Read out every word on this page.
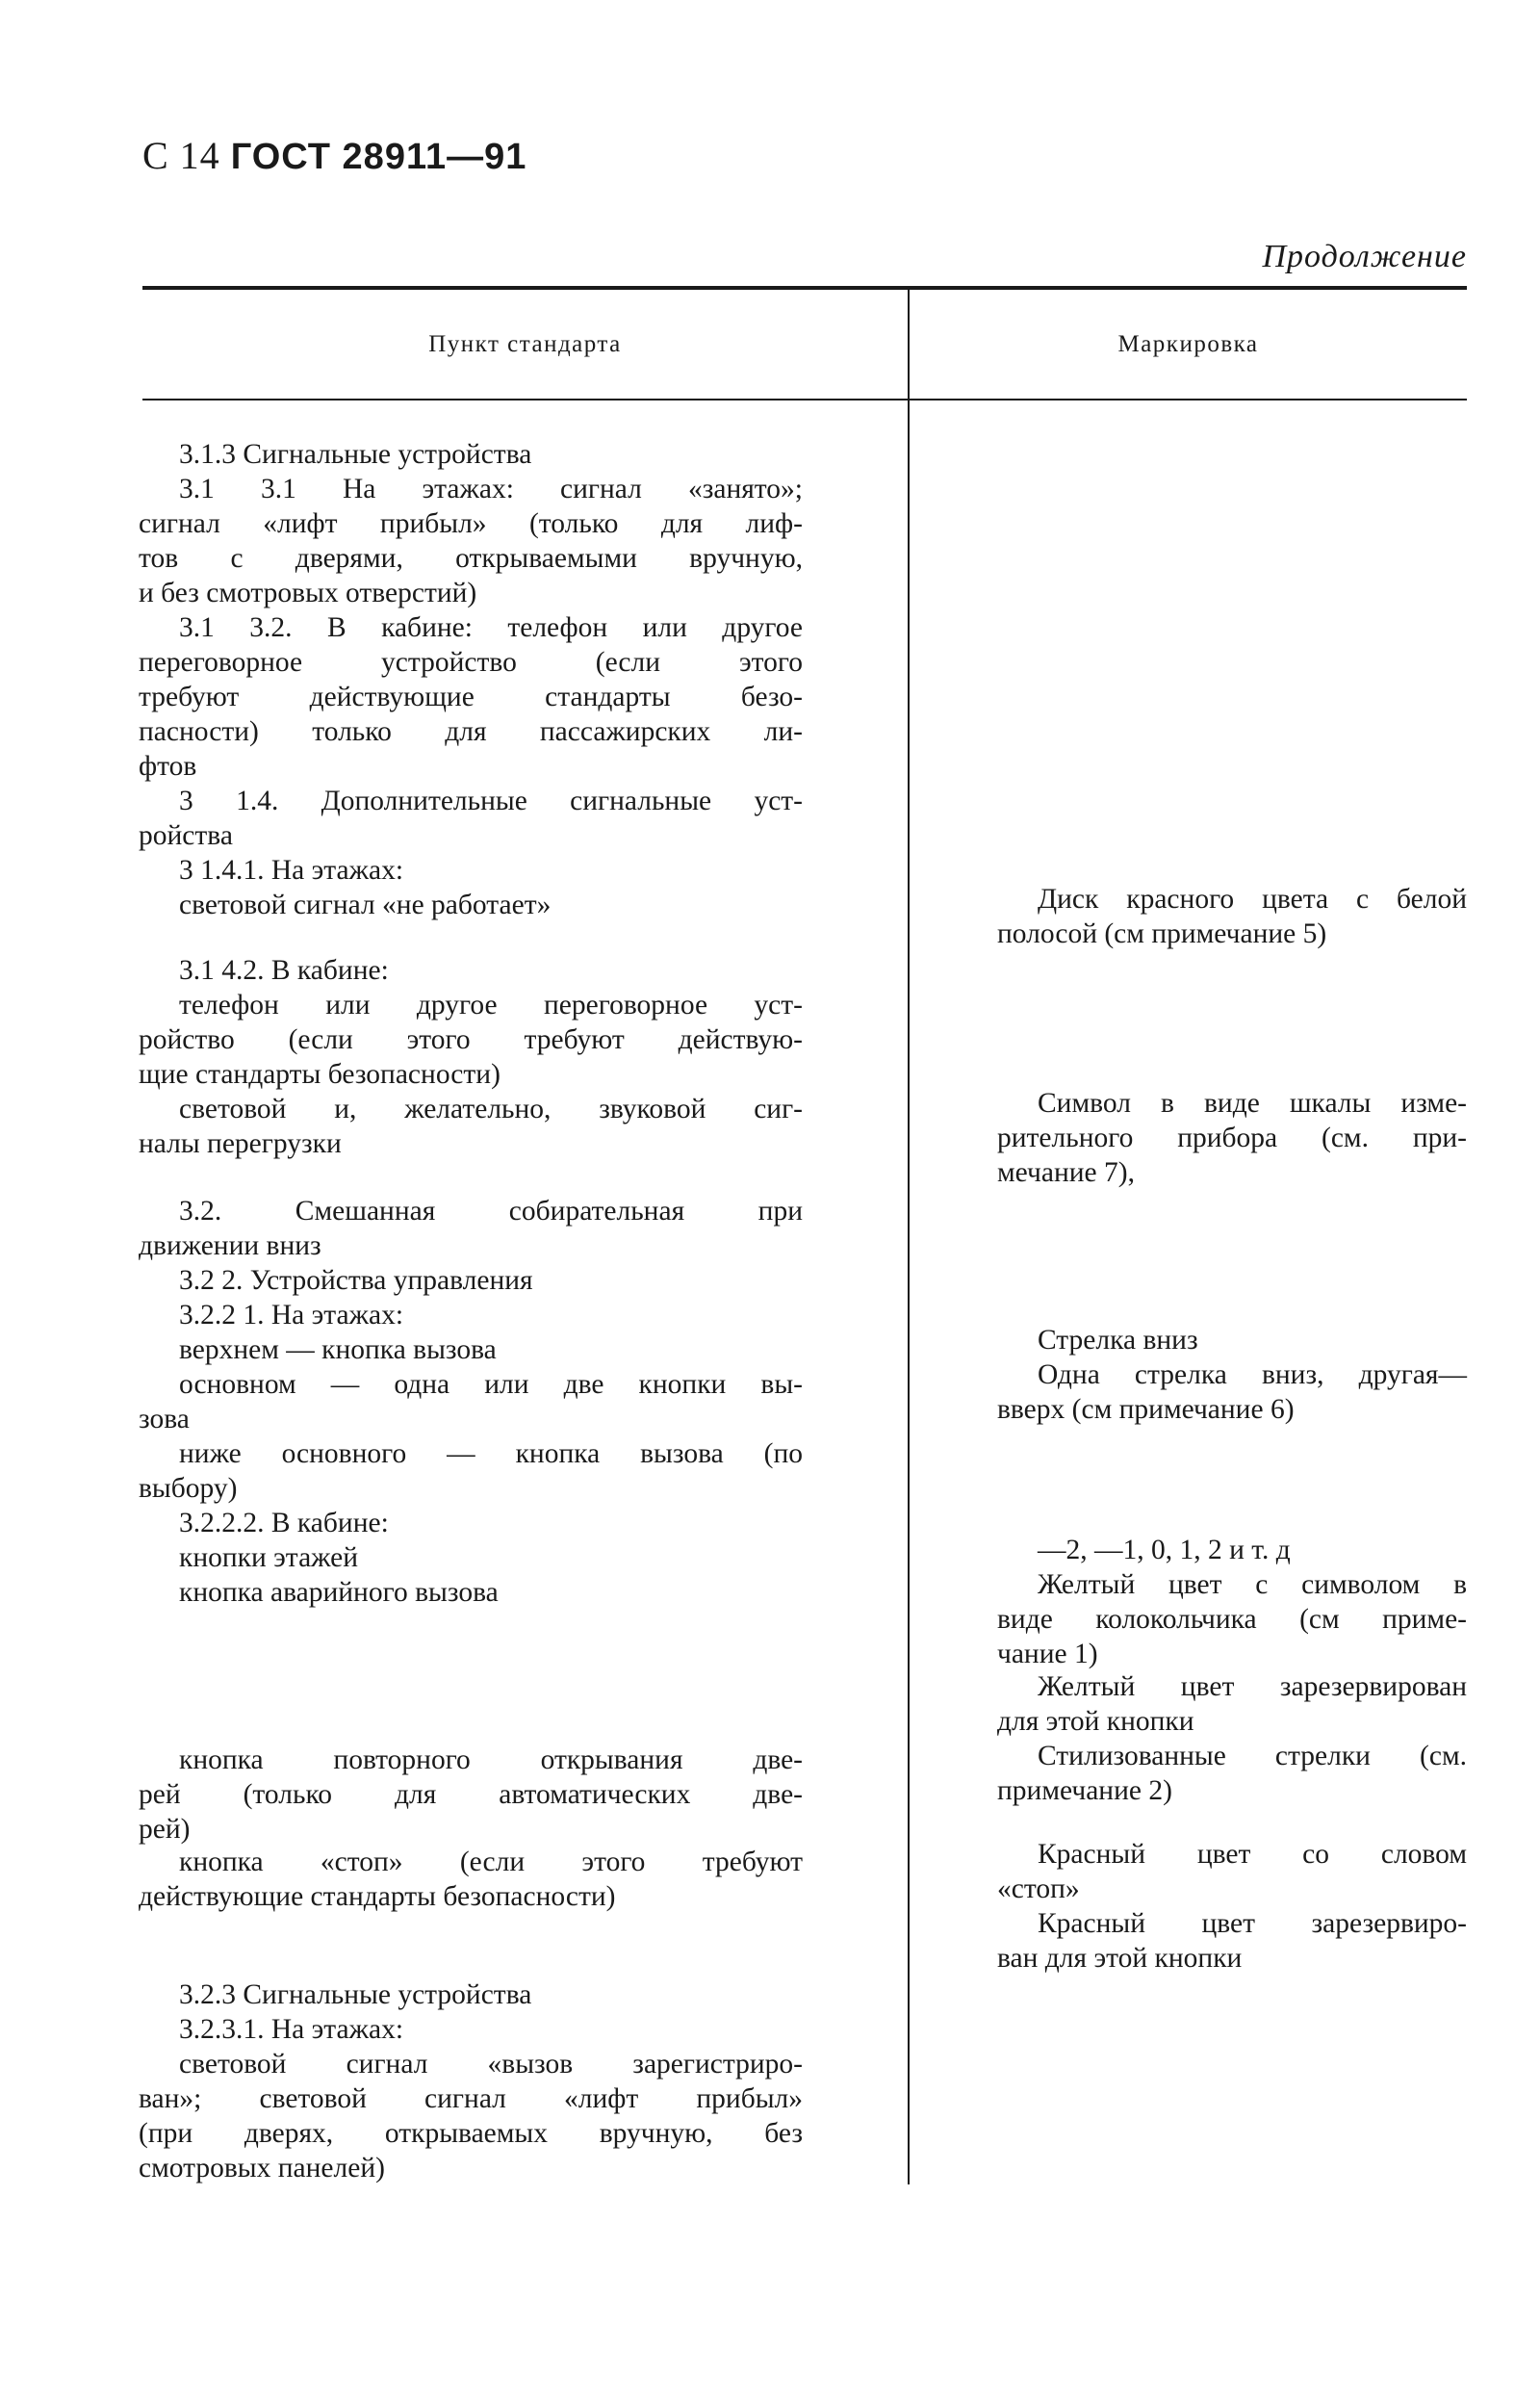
С 14 ГОСТ 28911—91
Продолжение
Пункт стандарта	Маркировка
3.1.3 Сигнальные устройства
3.1 3.1 На этажах: сигнал «занято»;
сигнал «лифт прибыл» (только для лиф-
тов с дверями, открываемыми вручную,
и без смотровых отверстий)
3.1 3.2. В кабине: телефон или другое
переговорное устройство (если этого
требуют действующие стандарты безо-
пасности) только для пассажирских ли-
фтов
3 1.4. Дополнительные сигнальные уст-
ройства
3 1.4.1. На этажах:
световой сигнал «не работает»
3.1 4.2. В кабине:
телефон или другое переговорное уст-
ройство (если этого требуют действую-
щие стандарты безопасности)
световой и, желательно, звуковой сиг-
налы перегрузки
3.2. Смешанная собирательная при
движении вниз
3.2 2. Устройства управления
3.2.2 1. На этажах:
верхнем — кнопка вызова
основном — одна или две кнопки вы-
зова
ниже основного — кнопка вызова (по
выбору)
3.2.2.2. В кабине:
кнопки этажей
кнопка аварийного вызова
кнопка повторного открывания две-
рей (только для автоматических две-
рей)
кнопка «стоп» (если этого требуют
действующие стандарты безопасности)
3.2.3 Сигнальные устройства
3.2.3.1. На этажах:
световой сигнал «вызов зарегистриро-
ван»; световой сигнал «лифт прибыл»
(при дверях, открываемых вручную, без
смотровых панелей)
Диск красного цвета с белой
полосой (см примечание 5)
Символ в виде шкалы изме-
рительного прибора (см. при-
мечание 7),
Стрелка вниз
Одна стрелка вниз, другая—
вверх (см примечание 6)
—2, —1, 0, 1, 2 и т. д
Желтый цвет с символом в
виде колокольчика (см приме-
чание 1)
Желтый цвет зарезервирован
для этой кнопки
Стилизованные стрелки (см.
примечание 2)
Красный цвет со словом
«стоп»
Красный цвет зарезервиро-
ван для этой кнопки
